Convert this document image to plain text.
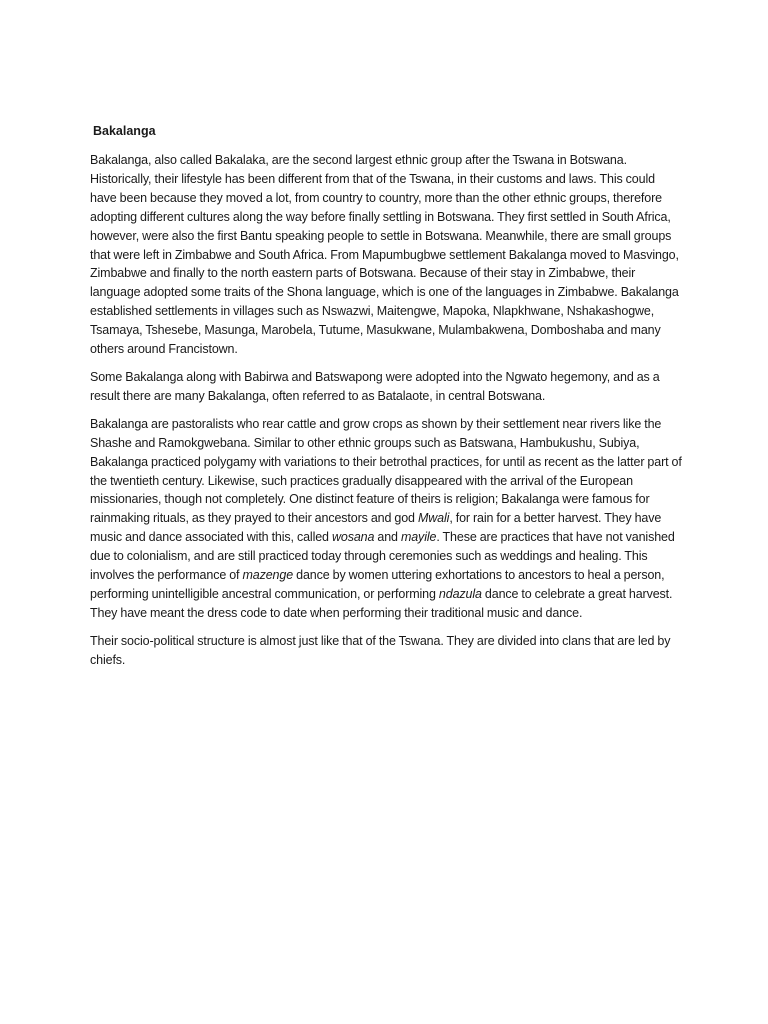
Bakalanga

Bakalanga, also called Bakalaka, are the second largest ethnic group after the Tswana in Botswana. Historically, their lifestyle has been different from that of the Tswana, in their customs and laws. This could have been because they moved a lot, from country to country, more than the other ethnic groups, therefore adopting different cultures along the way before finally settling in Botswana. They first settled in South Africa, however, were also the first Bantu speaking people to settle in Botswana. Meanwhile, there are small groups that were left in Zimbabwe and South Africa. From Mapumbugbwe settlement Bakalanga moved to Masvingo, Zimbabwe and finally to the north eastern parts of Botswana. Because of their stay in Zimbabwe, their language adopted some traits of the Shona language, which is one of the languages in Zimbabwe. Bakalanga established settlements in villages such as Nswazwi, Maitengwe, Mapoka, Nlapkhwane, Nshakashogwe, Tsamaya, Tshesebe, Masunga, Marobela, Tutume, Masukwane, Mulambakwena, Domboshaba and many others around Francistown.

Some Bakalanga along with Babirwa and Batswapong were adopted into the Ngwato hegemony, and as a result there are many Bakalanga, often referred to as Batalaote, in central Botswana.

Bakalanga are pastoralists who rear cattle and grow crops as shown by their settlement near rivers like the Shashe and Ramokgwebana. Similar to other ethnic groups such as Batswana, Hambukushu, Subiya, Bakalanga practiced polygamy with variations to their betrothal practices, for until as recent as the latter part of the twentieth century. Likewise, such practices gradually disappeared with the arrival of the European missionaries, though not completely. One distinct feature of theirs is religion; Bakalanga were famous for rainmaking rituals, as they prayed to their ancestors and god Mwali, for rain for a better harvest. They have music and dance associated with this, called wosana and mayile. These are practices that have not vanished due to colonialism, and are still practiced today through ceremonies such as weddings and healing. This involves the performance of mazenge dance by women uttering exhortations to ancestors to heal a person, performing unintelligible ancestral communication, or performing ndazula dance to celebrate a great harvest. They have meant the dress code to date when performing their traditional music and dance.

Their socio-political structure is almost just like that of the Tswana. They are divided into clans that are led by chiefs.
